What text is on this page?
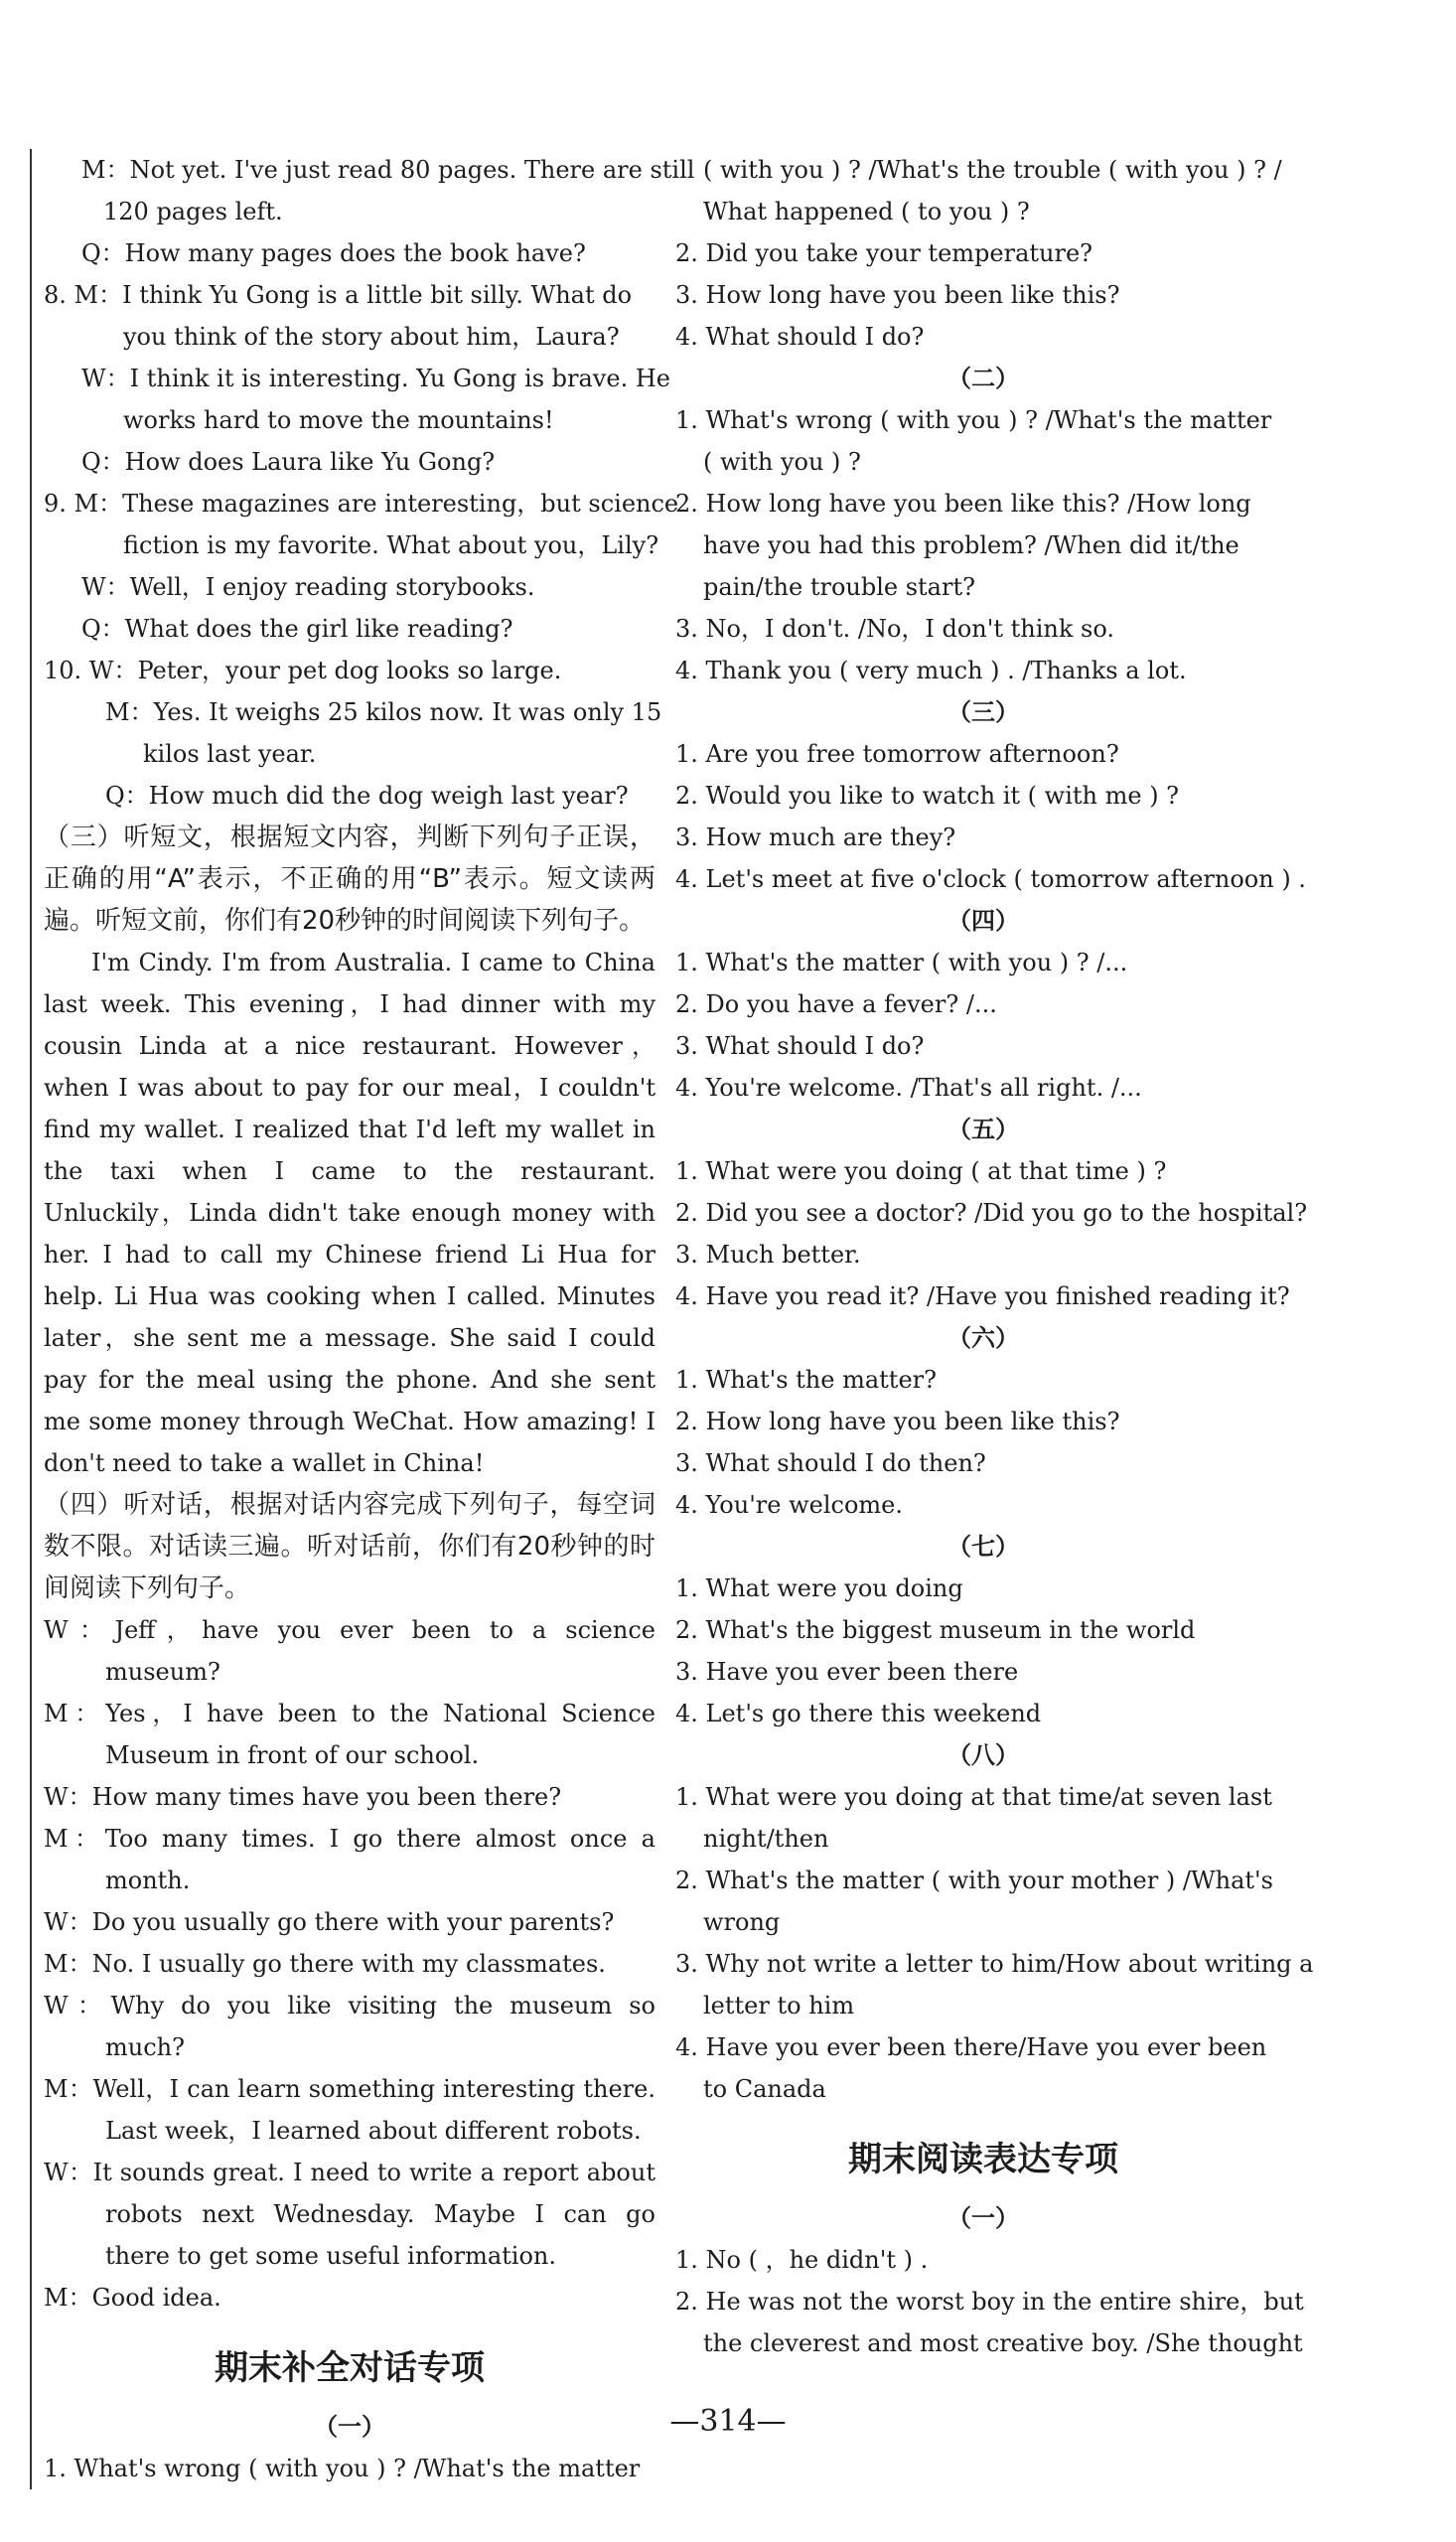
M：Not yet. I've just read 80 pages. There are still
120 pages left.
Q：How many pages does the book have?
8. M：I think Yu Gong is a little bit silly. What do
you think of the story about him，Laura?
W：I think it is interesting. Yu Gong is brave. He
works hard to move the mountains!
Q：How does Laura like Yu Gong?
9. M：These magazines are interesting，but science
fiction is my favorite. What about you，Lily?
W：Well，I enjoy reading storybooks.
Q：What does the girl like reading?
10. W：Peter，your pet dog looks so large.
M：Yes. It weighs 25 kilos now. It was only 15
kilos last year.
Q：How much did the dog weigh last year?
（三）听短文，根据短文内容，判断下列句子正误，正确的用“A”表示，不正确的用“B”表示。短文读两遍。听短文前，你们有20秒钟的时间阅读下列句子。
I'm Cindy. I'm from Australia. I came to China last week. This evening，I had dinner with my cousin Linda at a nice restaurant. However，when I was about to pay for our meal，I couldn't find my wallet. I realized that I'd left my wallet in the taxi when I came to the restaurant. Unluckily，Linda didn't take enough money with her. I had to call my Chinese friend Li Hua for help. Li Hua was cooking when I called. Minutes later，she sent me a message. She said I could pay for the meal using the phone. And she sent me some money through WeChat. How amazing! I don't need to take a wallet in China!
（四）听对话，根据对话内容完成下列句子，每空词数不限。对话读三遍。听对话前，你们有20秒钟的时间阅读下列句子。
W：Jeff，have you ever been to a science museum?
M：Yes，I have been to the National Science Museum in front of our school.
W：How many times have you been there?
M：Too many times. I go there almost once a month.
W：Do you usually go there with your parents?
M：No. I usually go there with my classmates.
W：Why do you like visiting the museum so much?
M：Well，I can learn something interesting there. Last week，I learned about different robots.
W：It sounds great. I need to write a report about robots next Wednesday. Maybe I can go there to get some useful information.
M：Good idea.
期末补全对话专项
（一）
1. What's wrong ( with you ) ? /What's the matter
( with you ) ? /What's the trouble ( with you ) ? /
What happened ( to you ) ?
2. Did you take your temperature?
3. How long have you been like this?
4. What should I do?
（二）
1. What's wrong ( with you ) ? /What's the matter
( with you ) ?
2. How long have you been like this? /How long
have you had this problem? /When did it/the
pain/the trouble start?
3. No，I don't. /No，I don't think so.
4. Thank you ( very much ) . /Thanks a lot.
（三）
1. Are you free tomorrow afternoon?
2. Would you like to watch it ( with me ) ?
3. How much are they?
4. Let's meet at five o'clock ( tomorrow afternoon ) .
（四）
1. What's the matter ( with you ) ? /...
2. Do you have a fever? /...
3. What should I do?
4. You're welcome. /That's all right. /...
（五）
1. What were you doing ( at that time ) ?
2. Did you see a doctor? /Did you go to the hospital?
3. Much better.
4. Have you read it? /Have you finished reading it?
（六）
1. What's the matter?
2. How long have you been like this?
3. What should I do then?
4. You're welcome.
（七）
1. What were you doing
2. What's the biggest museum in the world
3. Have you ever been there
4. Let's go there this weekend
（八）
1. What were you doing at that time/at seven last
night/then
2. What's the matter ( with your mother ) /What's
wrong
3. Why not write a letter to him/How about writing a
letter to him
4. Have you ever been there/Have you ever been
to Canada
期末阅读表达专项
（一）
1. No ( ，he didn't ) .
2. He was not the worst boy in the entire shire，but
the cleverest and most creative boy. /She thought
—314—
